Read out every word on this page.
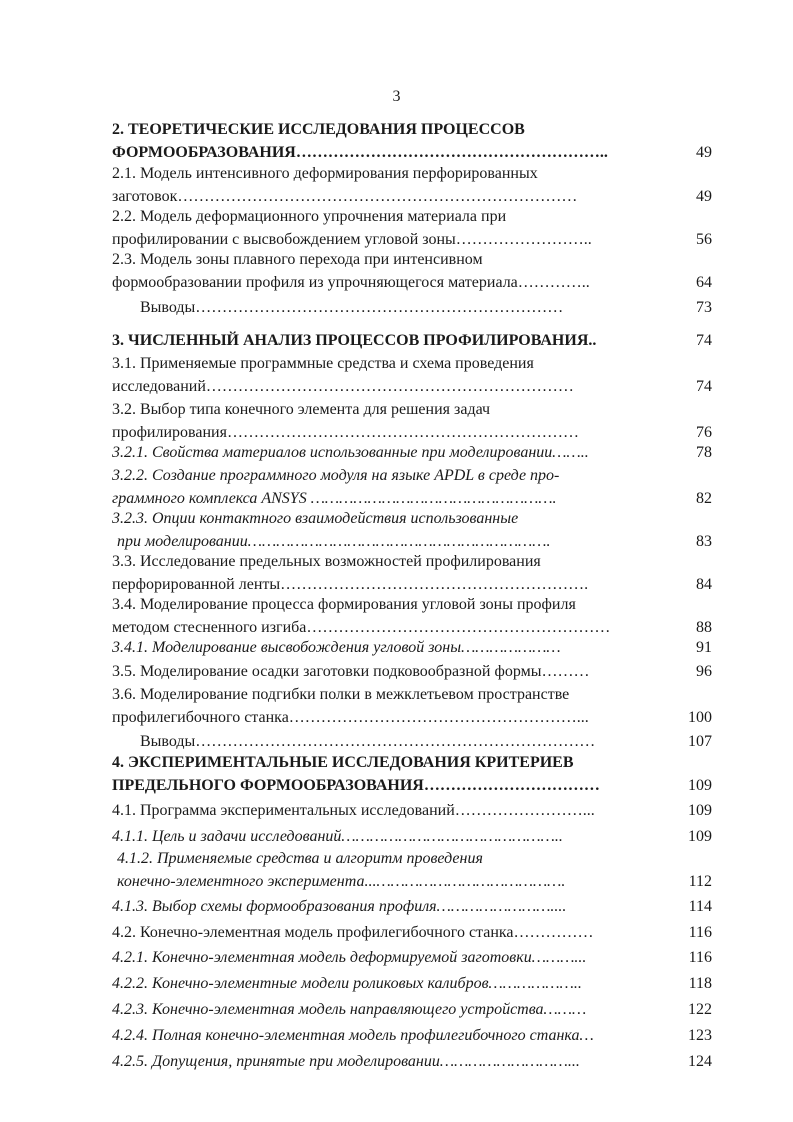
3
2. ТЕОРЕТИЧЕСКИЕ ИССЛЕДОВАНИЯ ПРОЦЕССОВ
ФОРМООБРАЗОВАНИЯ…………………………………………………..	49
2.1. Модель интенсивного деформирования перфорированных
заготовок…………………………………………………………………	49
2.2. Модель деформационного упрочнения материала при
профилировании с высвобождением угловой зоны……………………..	56
2.3. Модель зоны плавного перехода при интенсивном
формообразовании профиля из упрочняющегося материала…………..	64
Выводы……………………………………………………………	73
3. ЧИСЛЕННЫЙ АНАЛИЗ ПРОЦЕССОВ ПРОФИЛИРОВАНИЯ..	74
3.1. Применяемые программные средства и схема проведения
исследований……………………………………………………………	74
3.2. Выбор типа конечного элемента для решения задач
профилирования…………………………………………………………	76
3.2.1. Свойства материалов использованные при моделировании……..	78
3.2.2. Создание программного модуля на языке APDL в среде про-
граммного комплекса ANSYS …………………………………………….	82
3.2.3. Опции контактного взаимодействия использованные
при моделировании……………………………………………………….	83
3.3. Исследование предельных возможностей профилирования
перфорированной ленты………………………………………………….	84
3.4. Моделирование процесса формирования угловой зоны профиля
методом стесненного изгиба…………………………………………………	88
3.4.1. Моделирование высвобождения угловой зоны…………………	91
3.5. Моделирование осадки заготовки подковообразной формы………	96
3.6. Моделирование подгибки полки в межклетьевом пространстве
профилегибочного станка………………………………………………...	100
Выводы…………………………………………………………………	107
4. ЭКСПЕРИМЕНТАЛЬНЫЕ ИССЛЕДОВАНИЯ КРИТЕРИЕВ
ПРЕДЕЛЬНОГО ФОРМООБРАЗОВАНИЯ……………………………	109
4.1. Программа экспериментальных исследований……………………...	109
4.1.1. Цель и задачи исследований………………………………………..	109
4.1.2. Применяемые средства и алгоритм проведения
конечно-элементного эксперимента...………………………………….	112
4.1.3. Выбор схемы формообразования профиля……………………....	114
4.2. Конечно-элементная модель профилегибочного станка……………	116
4.2.1. Конечно-элементная модель деформируемой заготовки………...	116
4.2.2. Конечно-элементные модели роликовых калибров………………..	118
4.2.3. Конечно-элементная модель направляющего устройства………	122
4.2.4. Полная конечно-элементная модель профилегибочного станка…	123
4.2.5. Допущения, принятые при моделировании………………………...	124
